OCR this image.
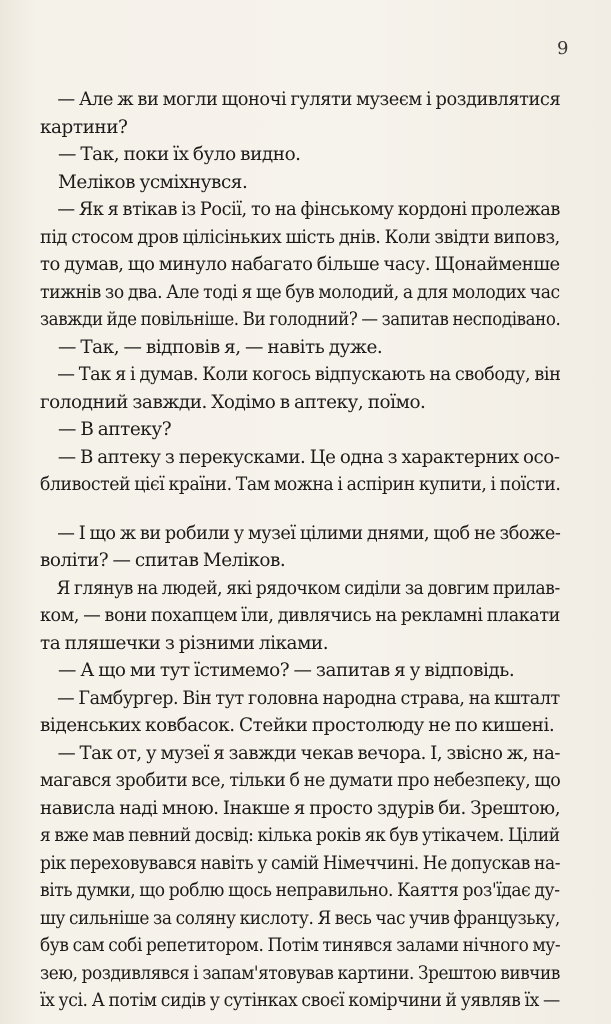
9
— Але ж ви могли щоночі гуляти музеєм і роздивлятися
картини?
— Так, поки їх було видно.
Меліков усміхнувся.
— Як я втікав із Росії, то на фінському кордоні пролежав
під стосом дров цілісінькиx шість днів. Коли звідти виповз,
то думав, що минуло набагато більше часу. Щонайменше
тижнів зо два. Але тоді я ще був молодий, а для молодих час
завжди йде повільніше. Ви голодний? — запитав несподівано.
— Так, — відповів я, — навіть дуже.
— Так я і думав. Коли когось відпускають на свободу, він
голодний завжди. Ходімо в аптеку, поїмо.
— В аптеку?
— В аптеку з перекусками. Це одна з характерних осо-
бливостей цієї країни. Там можна і аспірин купити, і поїсти.
— І що ж ви робили у музеї цілими днями, щоб не збоже-
воліти? — спитав Меліков.
Я глянув на людей, які рядочком сиділи за довгим прилав-
ком, — вони похапцем їли, дивлячись на рекламні плакати
та пляшечки з різними ліками.
— А що ми тут їстимемо? — запитав я у відповідь.
— Гамбургер. Він тут головна народна страва, на кшталт
віденських ковбасок. Стейки простолюду не по кишені.
— Так от, у музеї я завжди чекав вечора. І, звісно ж, на-
магався зробити все, тільки б не думати про небезпеку, що
нависла наді мною. Інакше я просто здурів би. Зрештою,
я вже мав певний досвід: кілька років як був утікачем. Цілий
рік переховувався навіть у самій Німеччині. Не допускав на-
віть думки, що роблю щось неправильно. Каяття роз'їдає ду-
шу сильніше за соляну кислоту. Я весь час учив французьку,
був сам собі репетитором. Потім тинявся залами нічного му-
зею, роздивлявся і запам'ятовував картини. Зрештою вивчив
їх усі. А потім сидів у сутінках своєї комірчини й уявляв їх —
